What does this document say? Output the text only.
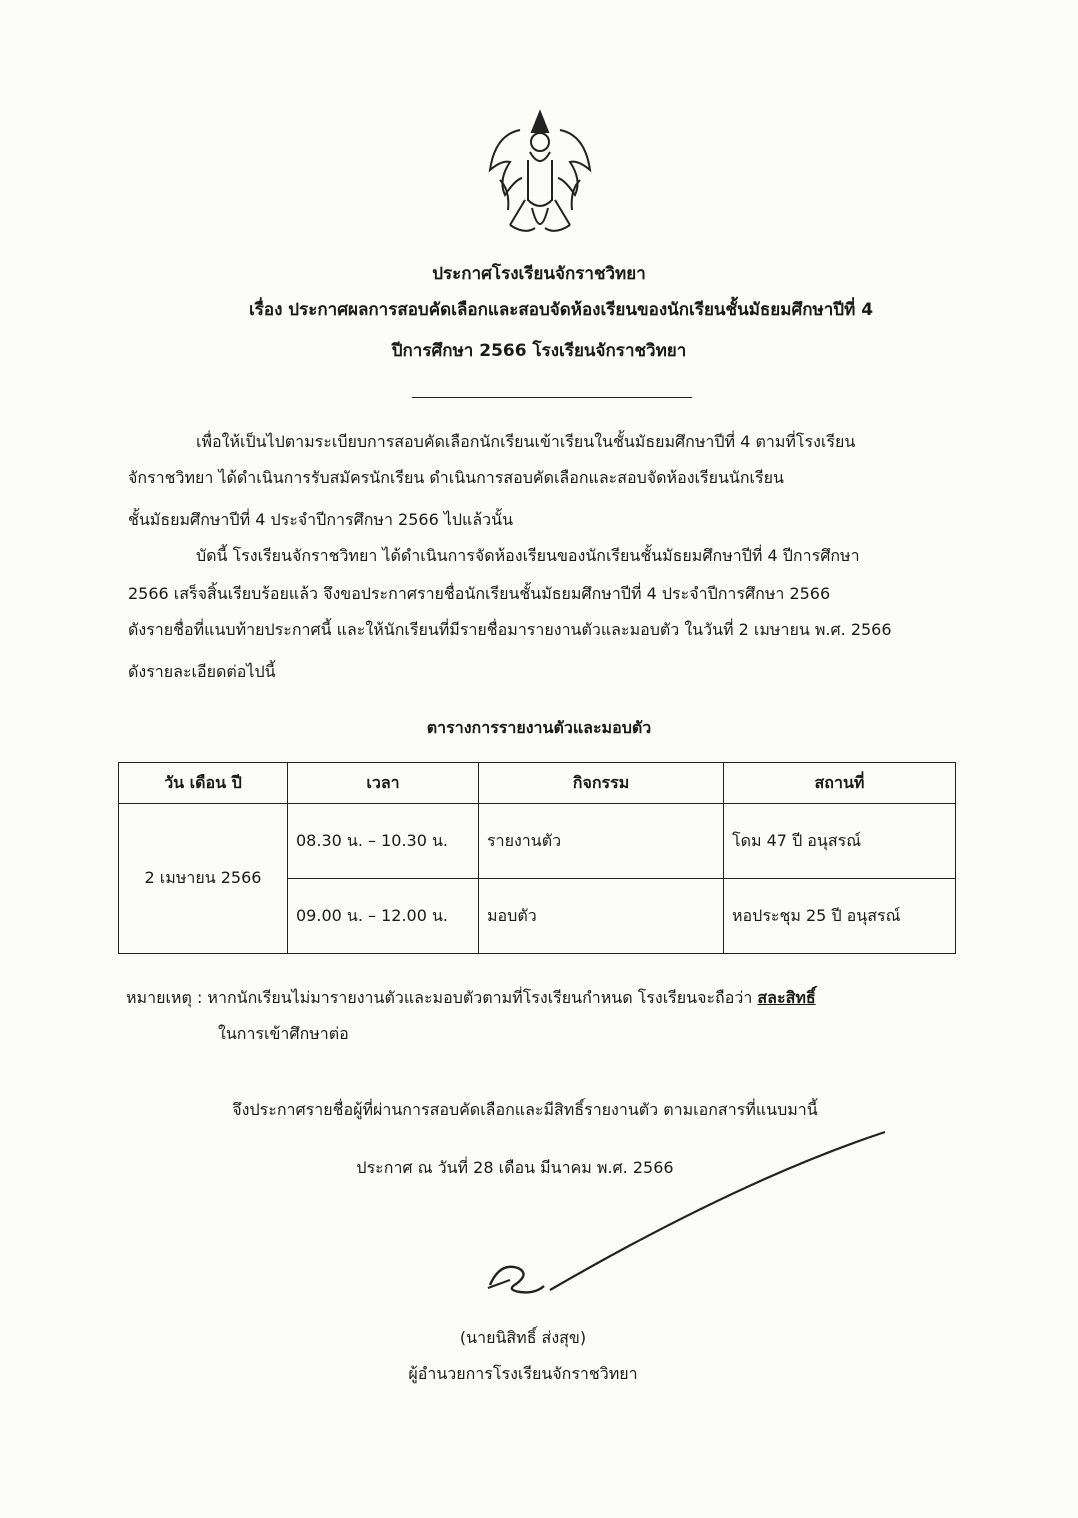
ประกาศโรงเรียนจักราชวิทยา
เรื่อง ประกาศผลการสอบคัดเลือกและสอบจัดห้องเรียนของนักเรียนชั้นมัธยมศึกษาปีที่ 4
ปีการศึกษา 2566 โรงเรียนจักราชวิทยา
เพื่อให้เป็นไปตามระเบียบการสอบคัดเลือกนักเรียนเข้าเรียนในชั้นมัธยมศึกษาปีที่ 4 ตามที่โรงเรียน
จักราชวิทยา ได้ดำเนินการรับสมัครนักเรียน ดำเนินการสอบคัดเลือกและสอบจัดห้องเรียนนักเรียน
ชั้นมัธยมศึกษาปีที่ 4 ประจำปีการศึกษา 2566 ไปแล้วนั้น
บัดนี้ โรงเรียนจักราชวิทยา ได้ดำเนินการจัดห้องเรียนของนักเรียนชั้นมัธยมศึกษาปีที่ 4 ปีการศึกษา
2566 เสร็จสิ้นเรียบร้อยแล้ว จึงขอประกาศรายชื่อนักเรียนชั้นมัธยมศึกษาปีที่ 4 ประจำปีการศึกษา 2566
ดังรายชื่อที่แนบท้ายประกาศนี้ และให้นักเรียนที่มีรายชื่อมารายงานตัวและมอบตัว ในวันที่ 2 เมษายน พ.ศ. 2566
ดังรายละเอียดต่อไปนี้
ตารางการรายงานตัวและมอบตัว
วัน เดือน ปี	เวลา	กิจกรรม	สถานที่
2 เมษายน 2566	08.30 น. – 10.30 น.	รายงานตัว	โดม 47 ปี อนุสรณ์
	09.00 น. – 12.00 น.	มอบตัว	หอประชุม 25 ปี อนุสรณ์
หมายเหตุ : หากนักเรียนไม่มารายงานตัวและมอบตัวตามที่โรงเรียนกำหนด โรงเรียนจะถือว่า สละสิทธิ์
ในการเข้าศึกษาต่อ
จึงประกาศรายชื่อผู้ที่ผ่านการสอบคัดเลือกและมีสิทธิ์รายงานตัว ตามเอกสารที่แนบมานี้
ประกาศ ณ วันที่ 28 เดือน มีนาคม พ.ศ. 2566
(นายนิสิทธิ์ ส่งสุข)
ผู้อำนวยการโรงเรียนจักราชวิทยา
